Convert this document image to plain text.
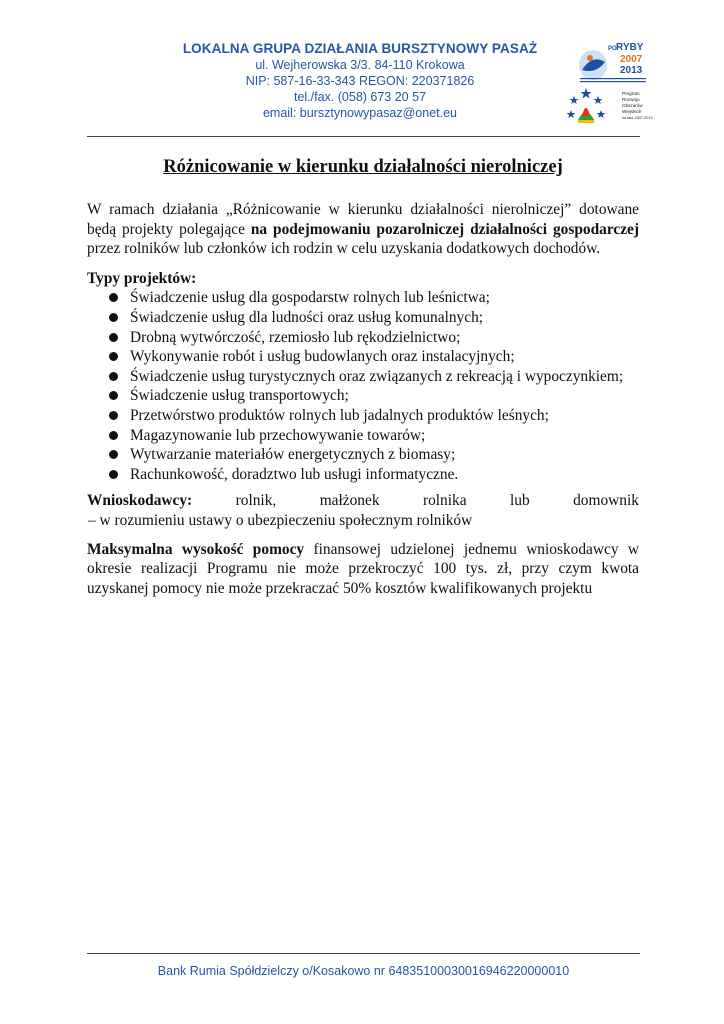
LOKALNA GRUPA DZIAŁANIA BURSZTYNOWY PASAŻ
ul. Wejherowska 3/3. 84-110 Krokowa
NIP: 587-16-33-343 REGON: 220371826
tel./fax. (058) 673 20 57
email: bursztynowypasaz@onet.eu
PO RYBY
2007
2013
Program
Rozwoju
Obszarów
Wiejskich
na lata 2007-2013
Różnicowanie w kierunku działalności nierolniczej

W ramach działania „Różnicowanie w kierunku działalności nierolniczej” dotowane będą projekty polegające na podejmowaniu pozarolniczej działalności gospodarczej przez rolników lub członków ich rodzin w celu uzyskania dodatkowych dochodów.

Typy projektów:
Świadczenie usług dla gospodarstw rolnych lub leśnictwa;
Świadczenie usług dla ludności oraz usług komunalnych;
Drobną wytwórczość, rzemiosło lub rękodzielnictwo;
Wykonywanie robót i usług budowlanych oraz instalacyjnych;
Świadczenie usług turystycznych oraz związanych z rekreacją i wypoczynkiem;
Świadczenie usług transportowych;
Przetwórstwo produktów rolnych lub jadalnych produktów leśnych;
Magazynowanie lub przechowywanie towarów;
Wytwarzanie materiałów energetycznych z biomasy;
Rachunkowość, doradztwo lub usługi informatyczne.
Wnioskodawcy:	rolnik,	małżonek	rolnika	lub	domownik
– w rozumieniu ustawy o ubezpieczeniu społecznym rolników

Maksymalna wysokość pomocy finansowej udzielonej jednemu wnioskodawcy w okresie realizacji Programu nie może przekroczyć 100 tys. zł, przy czym kwota uzyskanej pomocy nie może przekraczać 50% kosztów kwalifikowanych projektu

Bank Rumia Spółdzielczy o/Kosakowo nr 64835100030016946220000010
